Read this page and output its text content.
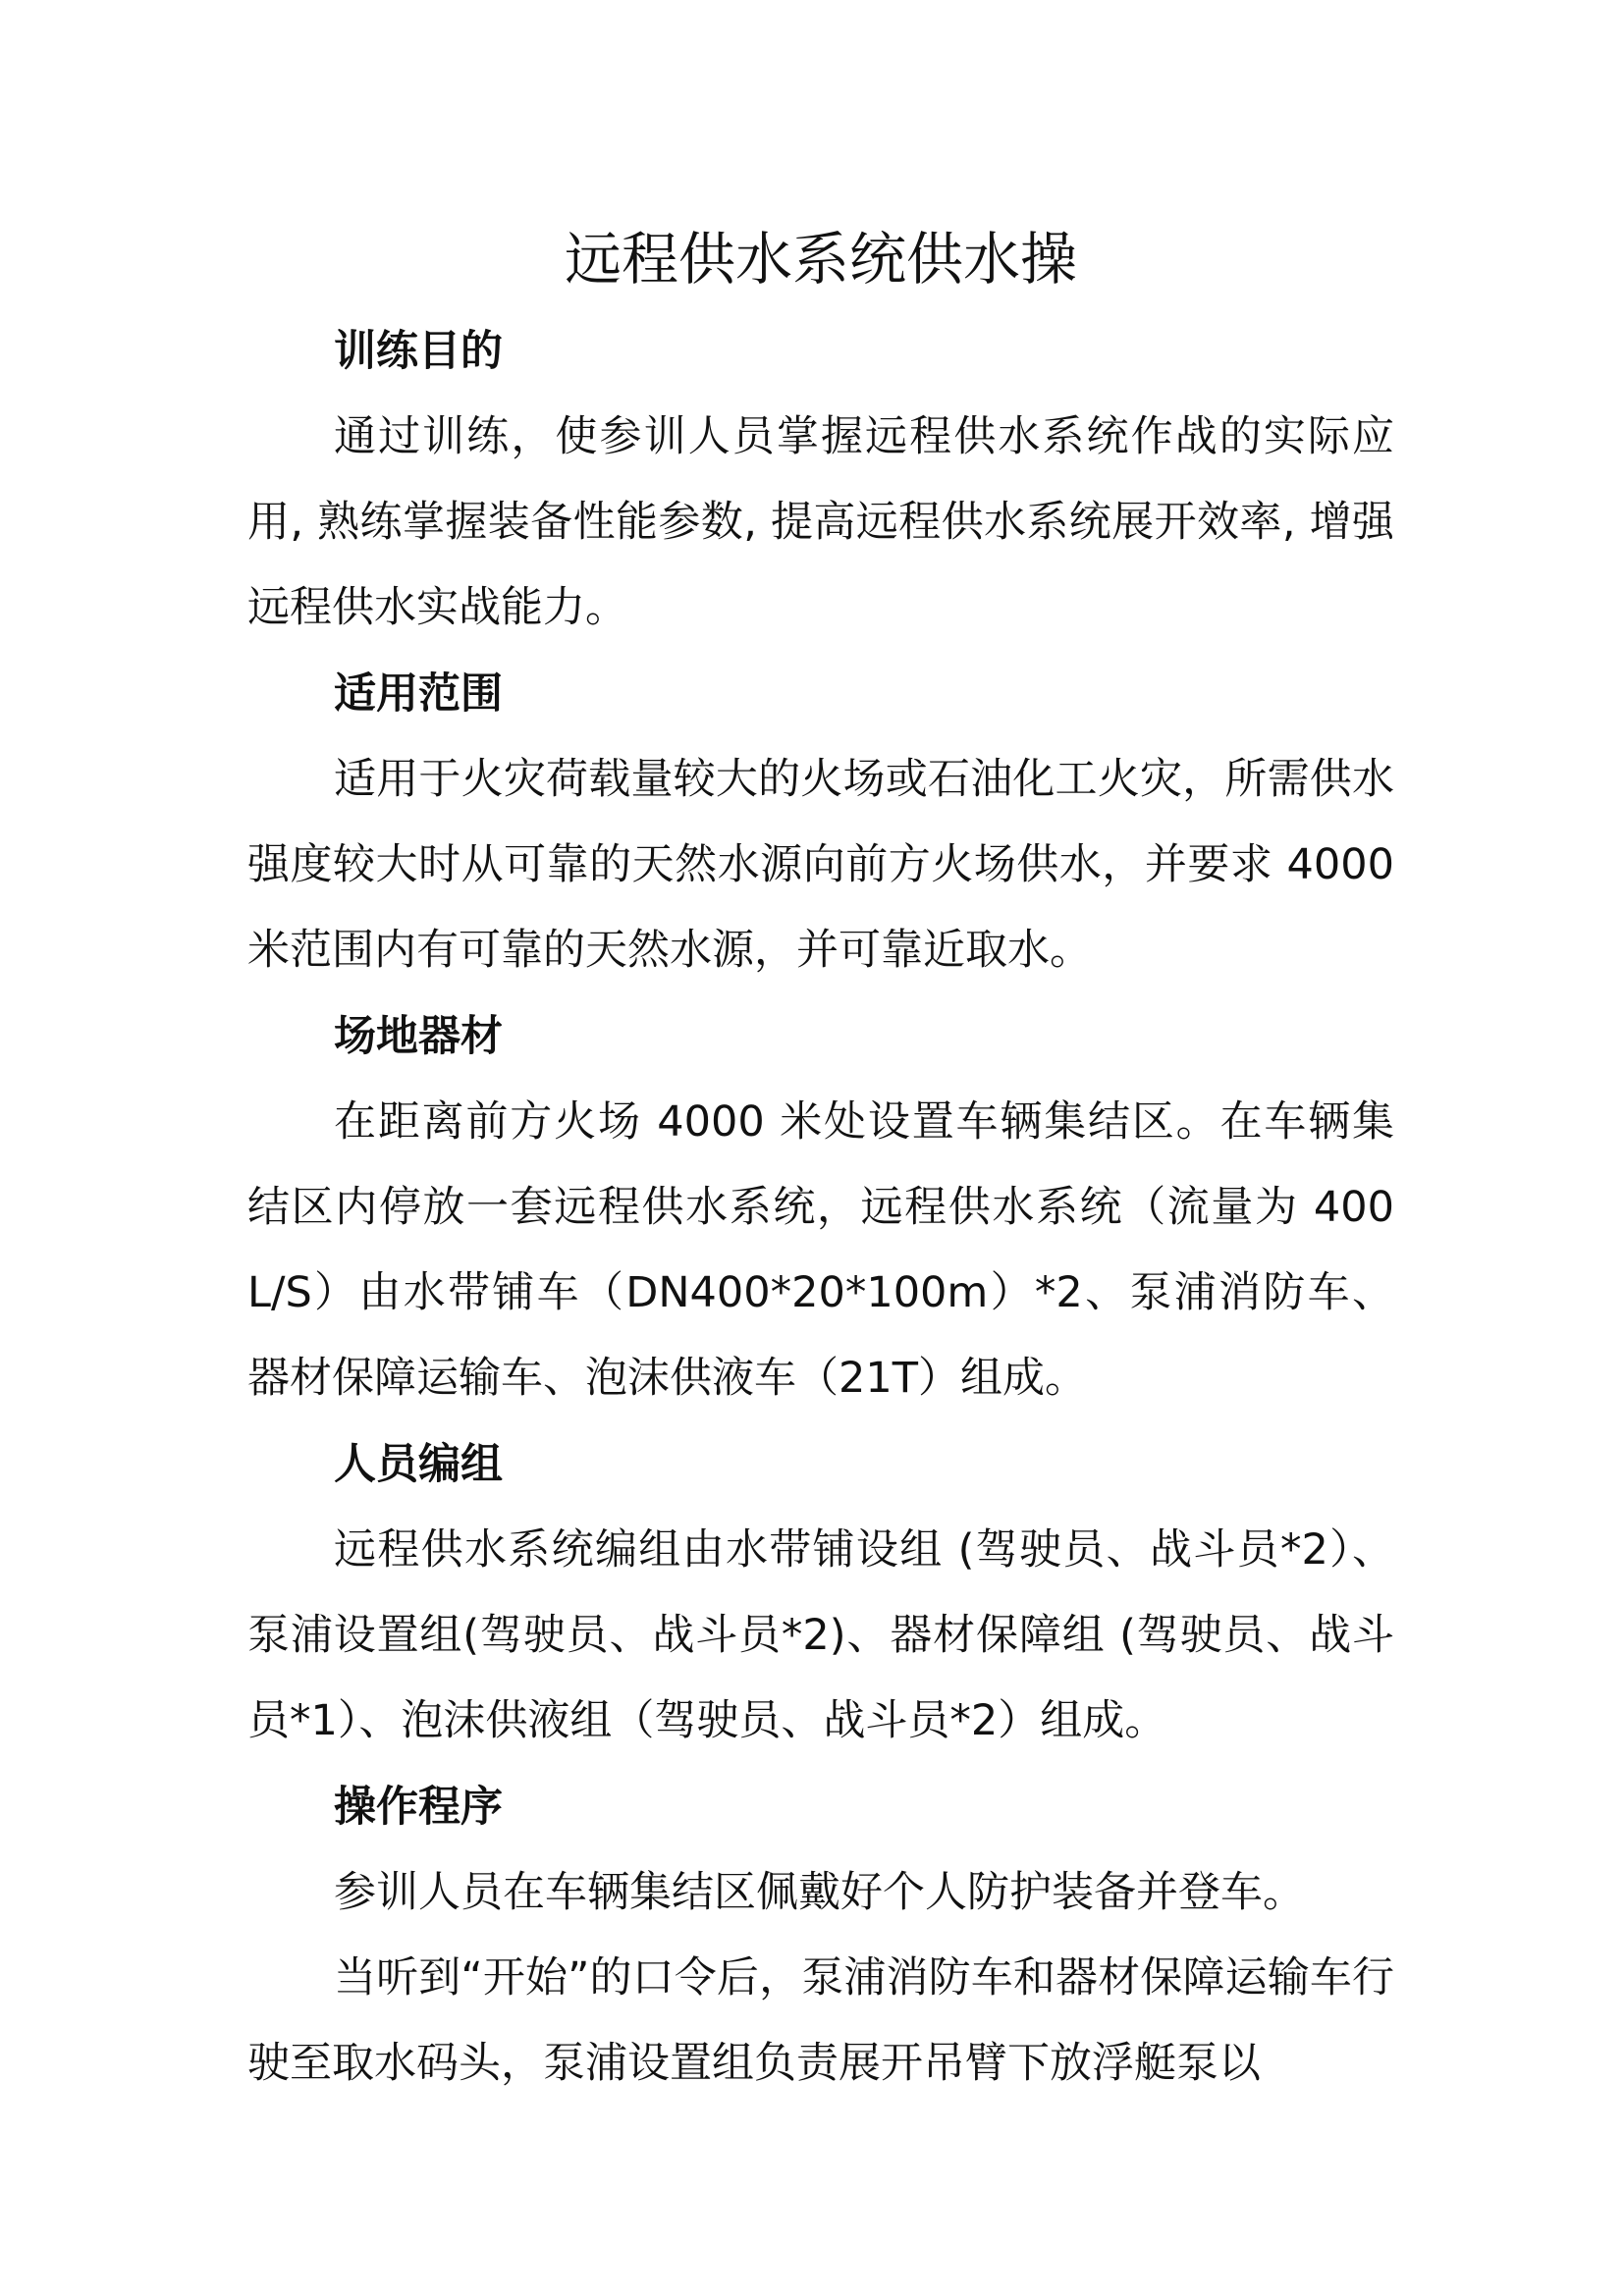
远程供水系统供水操
训练目的

通过训练，使参训人员掌握远程供水系统作战的实际应用, 熟练掌握装备性能参数, 提高远程供水系统展开效率, 增强远程供水实战能力。

适用范围

适用于火灾荷载量较大的火场或石油化工火灾，所需供水强度较大时从可靠的天然水源向前方火场供水，并要求 4000 米范围内有可靠的天然水源，并可靠近取水。

场地器材

在距离前方火场 4000 米处设置车辆集结区。在车辆集结区内停放一套远程供水系统，远程供水系统（流量为 400 L/S）由水带铺车（DN400*20*100m）*2、泵浦消防车、器材保障运输车、泡沫供液车（21T）组成。

人员编组

远程供水系统编组由水带铺设组 (驾驶员、战斗员*2）、泵浦设置组(驾驶员、战斗员*2)、器材保障组 (驾驶员、战斗员*1）、泡沫供液组（驾驶员、战斗员*2）组成。

操作程序

参训人员在车辆集结区佩戴好个人防护装备并登车。

当听到“开始”的口令后，泵浦消防车和器材保障运输车行驶至取水码头，泵浦设置组负责展开吊臂下放浮艇泵以
